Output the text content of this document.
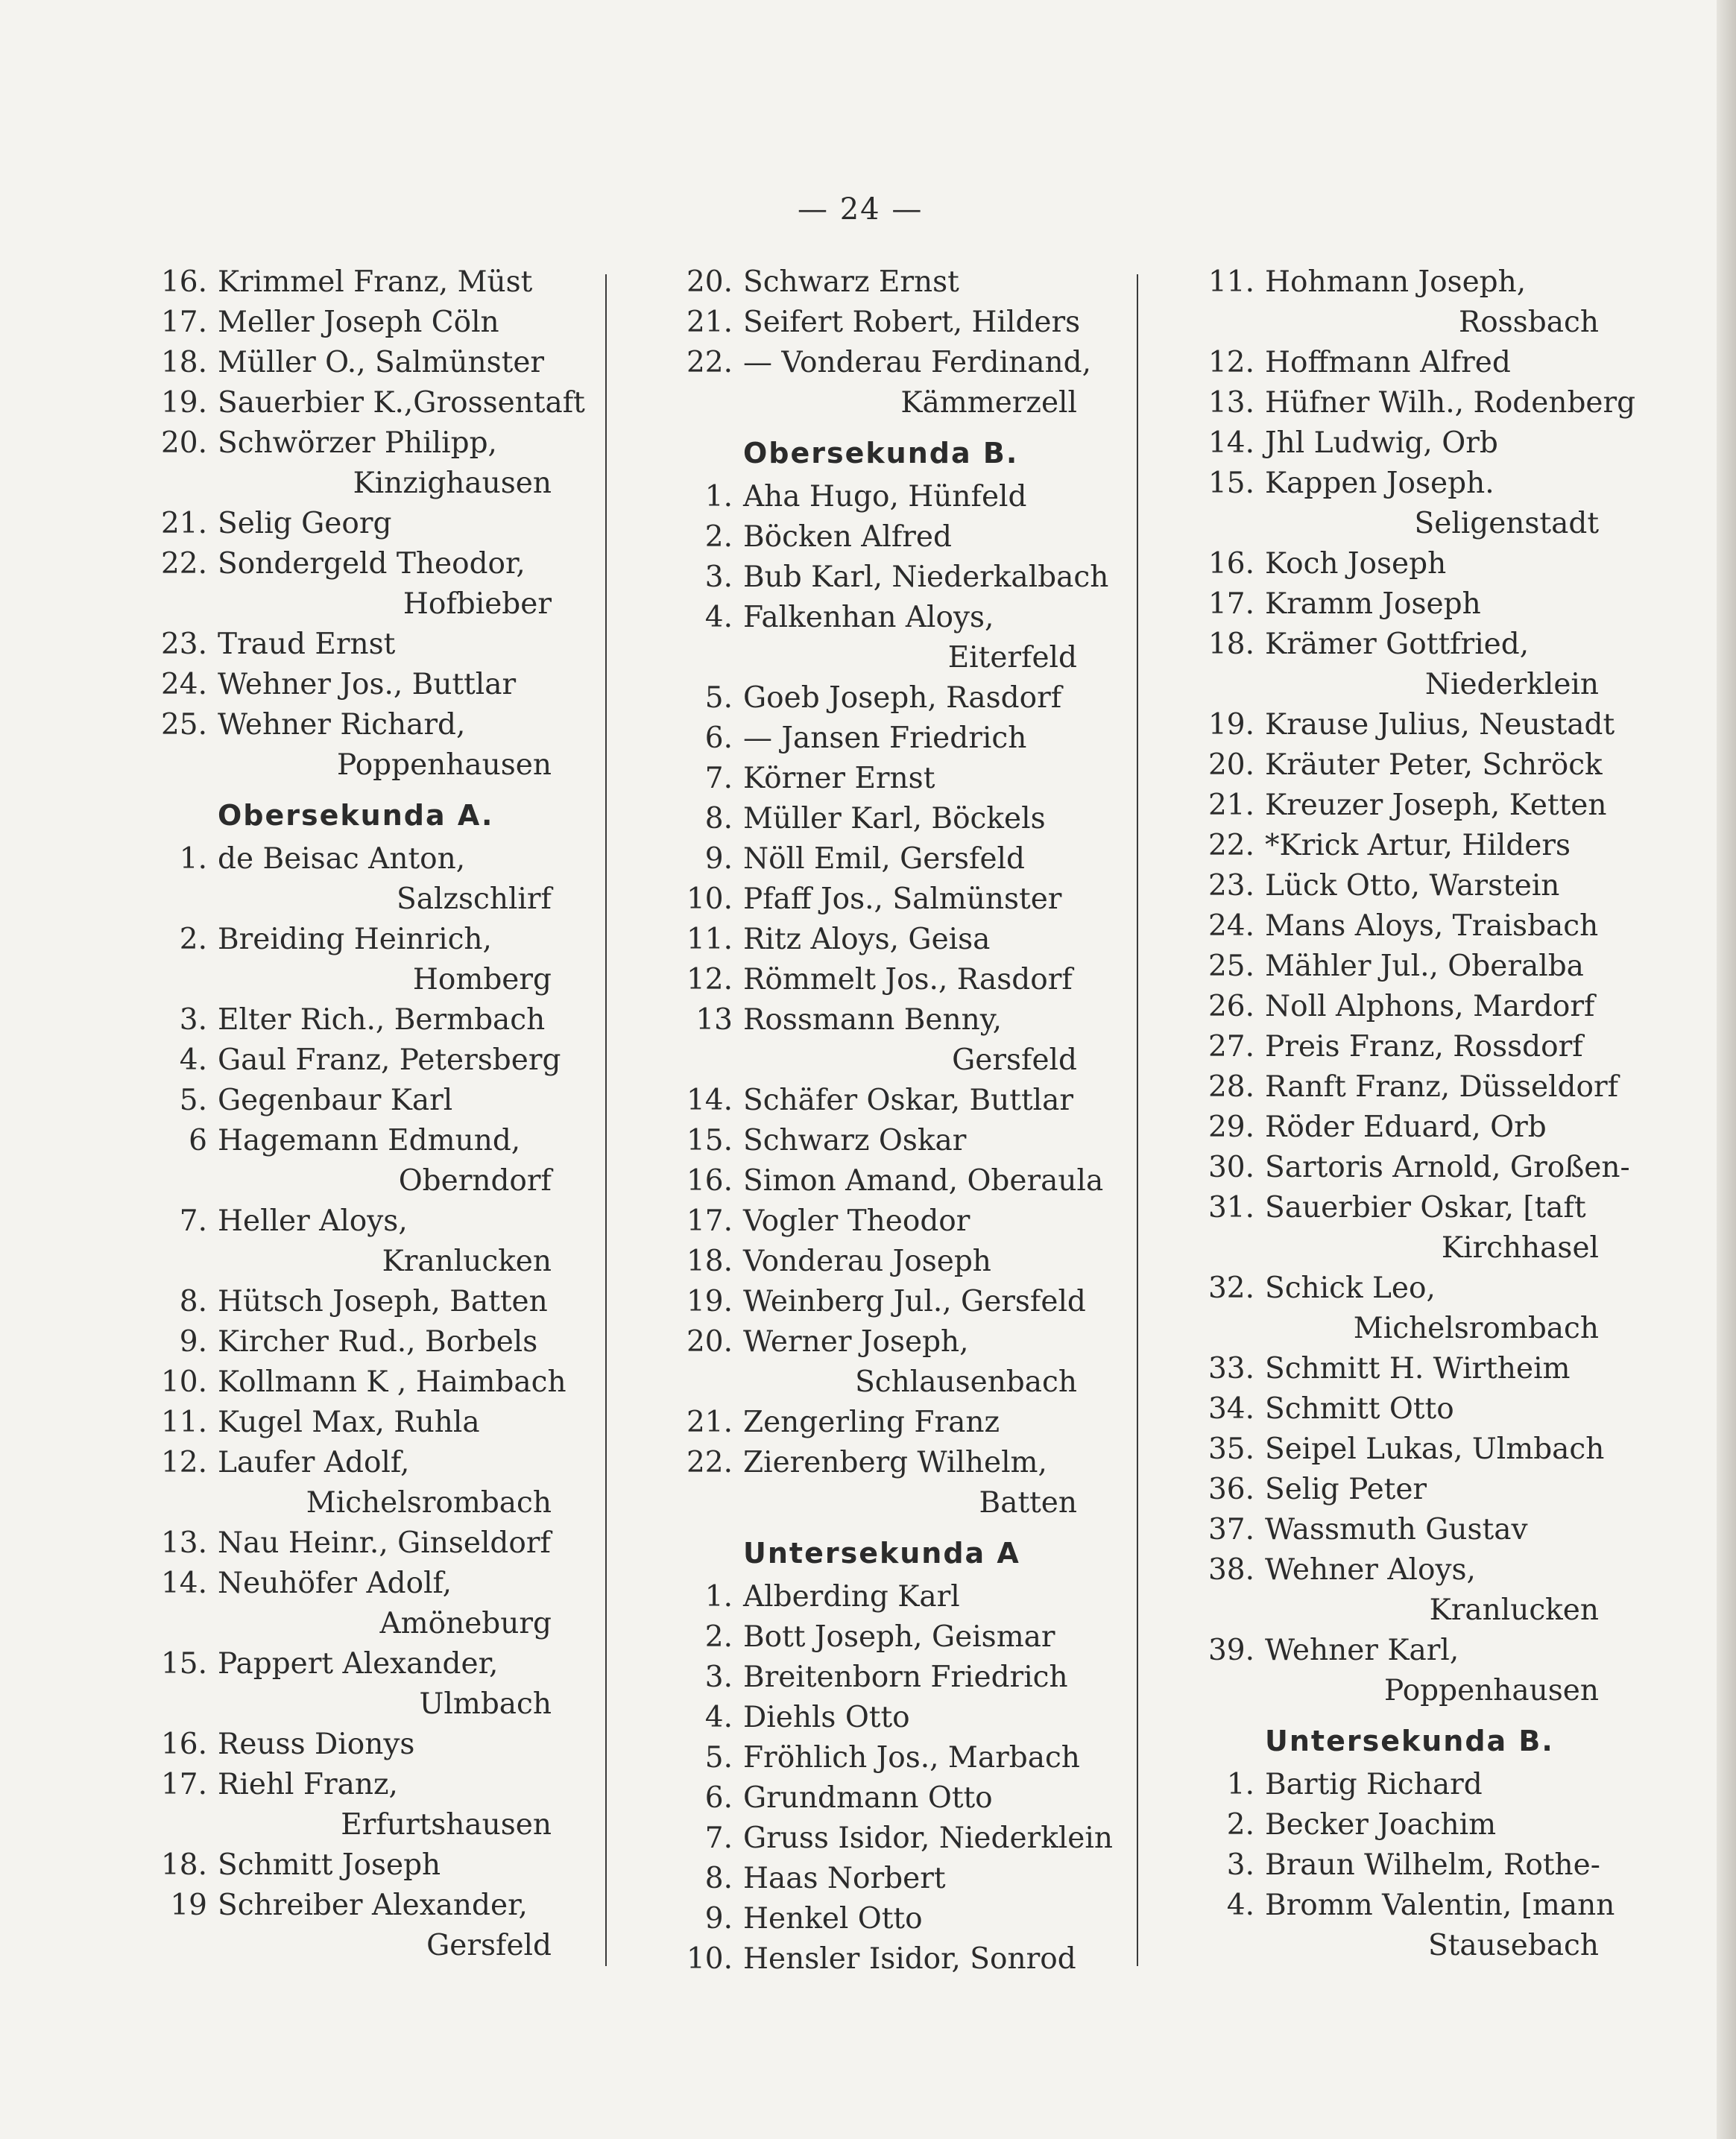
— 24 —
16. Krimmel Franz, Müst
17. Meller Joseph Cöln
18. Müller O., Salmünster
19. Sauerbier K.,Grossentaft
20. Schwörzer Philipp,
Kinzighausen
21. Selig Georg
22. Sondergeld Theodor,
Hofbieber
23. Traud Ernst
24. Wehner Jos., Buttlar
25. Wehner Richard,
Poppenhausen
Obersekunda A.
1. de Beisac Anton,
Salzschlirf
2. Breiding Heinrich,
Homberg
3. Elter Rich., Bermbach
4. Gaul Franz, Petersberg
5. Gegenbaur Karl
6 Hagemann Edmund,
Oberndorf
7. Heller Aloys,
Kranlucken
8. Hütsch Joseph, Batten
9. Kircher Rud., Borbels
10. Kollmann K , Haimbach
11. Kugel Max, Ruhla
12. Laufer Adolf,
Michelsrombach
13. Nau Heinr., Ginseldorf
14. Neuhöfer Adolf,
Amöneburg
15. Pappert Alexander,
Ulmbach
16. Reuss Dionys
17. Riehl Franz,
Erfurtshausen
18. Schmitt Joseph
19 Schreiber Alexander,
Gersfeld
20. Schwarz Ernst
21. Seifert Robert, Hilders
22. — Vonderau Ferdinand,
Kämmerzell
Obersekunda B.
1. Aha Hugo, Hünfeld
2. Böcken Alfred
3. Bub Karl, Niederkalbach
4. Falkenhan Aloys,
Eiterfeld
5. Goeb Joseph, Rasdorf
6. — Jansen Friedrich
7. Körner Ernst
8. Müller Karl, Böckels
9. Nöll Emil, Gersfeld
10. Pfaff Jos., Salmünster
11. Ritz Aloys, Geisa
12. Römmelt Jos., Rasdorf
13 Rossmann Benny,
Gersfeld
14. Schäfer Oskar, Buttlar
15. Schwarz Oskar
16. Simon Amand, Oberaula
17. Vogler Theodor
18. Vonderau Joseph
19. Weinberg Jul., Gersfeld
20. Werner Joseph,
Schlausenbach
21. Zengerling Franz
22. Zierenberg Wilhelm,
Batten
Untersekunda A
1. Alberding Karl
2. Bott Joseph, Geismar
3. Breitenborn Friedrich
4. Diehls Otto
5. Fröhlich Jos., Marbach
6. Grundmann Otto
7. Gruss Isidor, Niederklein
8. Haas Norbert
9. Henkel Otto
10. Hensler Isidor, Sonrod
11. Hohmann Joseph,
Rossbach
12. Hoffmann Alfred
13. Hüfner Wilh., Rodenberg
14. Jhl Ludwig, Orb
15. Kappen Joseph.
Seligenstadt
16. Koch Joseph
17. Kramm Joseph
18. Krämer Gottfried,
Niederklein
19. Krause Julius, Neustadt
20. Kräuter Peter, Schröck
21. Kreuzer Joseph, Ketten
22. *Krick Artur, Hilders
23. Lück Otto, Warstein
24. Mans Aloys, Traisbach
25. Mähler Jul., Oberalba
26. Noll Alphons, Mardorf
27. Preis Franz, Rossdorf
28. Ranft Franz, Düsseldorf
29. Röder Eduard, Orb
30. Sartoris Arnold, Großen-
31. Sauerbier Oskar, [taft
Kirchhasel
32. Schick Leo,
Michelsrombach
33. Schmitt H. Wirtheim
34. Schmitt Otto
35. Seipel Lukas, Ulmbach
36. Selig Peter
37. Wassmuth Gustav
38. Wehner Aloys,
Kranlucken
39. Wehner Karl,
Poppenhausen
Untersekunda B.
1. Bartig Richard
2. Becker Joachim
3. Braun Wilhelm, Rothe-
4. Bromm Valentin, [mann
Stausebach
